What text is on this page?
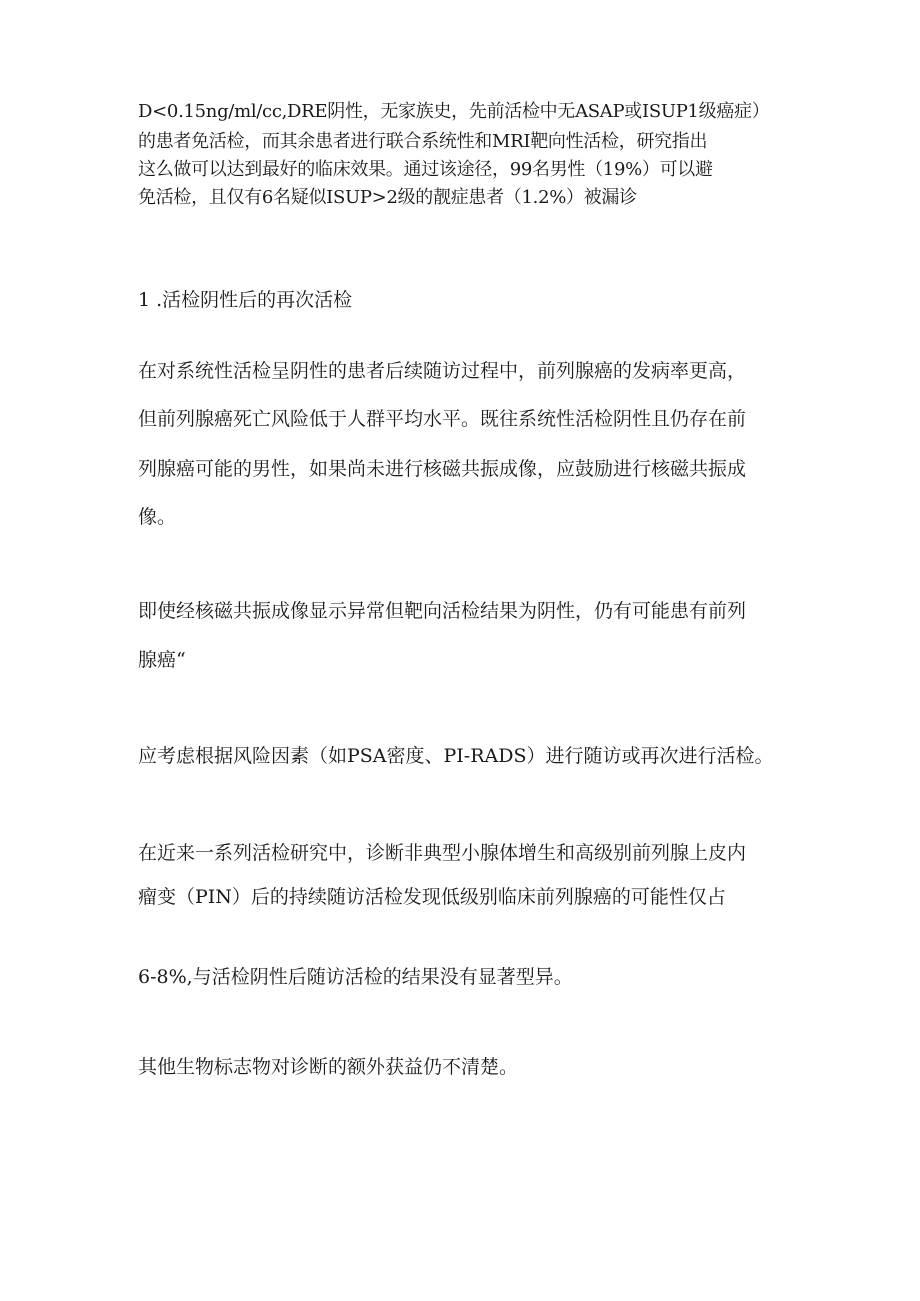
D<0.15ng/ml/cc,DRE阴性，无家族史，先前活检中无ASAP或ISUP1级癌症）

的患者免活检，而其余患者进行联合系统性和MRI靶向性活检，研究指出

这么做可以达到最好的临床效果。通过该途径，99名男性（19%）可以避

免活检，且仅有6名疑似ISUP>2级的靓症患者（1.2%）被漏诊

1 .活检阴性后的再次活检

在对系统性活检呈阴性的患者后续随访过程中，前列腺癌的发病率更高，

但前列腺癌死亡风险低于人群平均水平。既往系统性活检阴性且仍存在前

列腺癌可能的男性，如果尚未进行核磁共振成像，应鼓励进行核磁共振成

像。

即使经核磁共振成像显示异常但靶向活检结果为阴性，仍有可能患有前列

腺癌“

应考虑根据风险因素（如PSA密度、PI-RADS）进行随访或再次进行活检。

在近来一系列活检研究中，诊断非典型小腺体增生和高级别前列腺上皮内

瘤变（PIN）后的持续随访活检发现低级别临床前列腺癌的可能性仅占

6-8%,与活检阴性后随访活检的结果没有显著型异。

其他生物标志物对诊断的额外获益仍不清楚。
